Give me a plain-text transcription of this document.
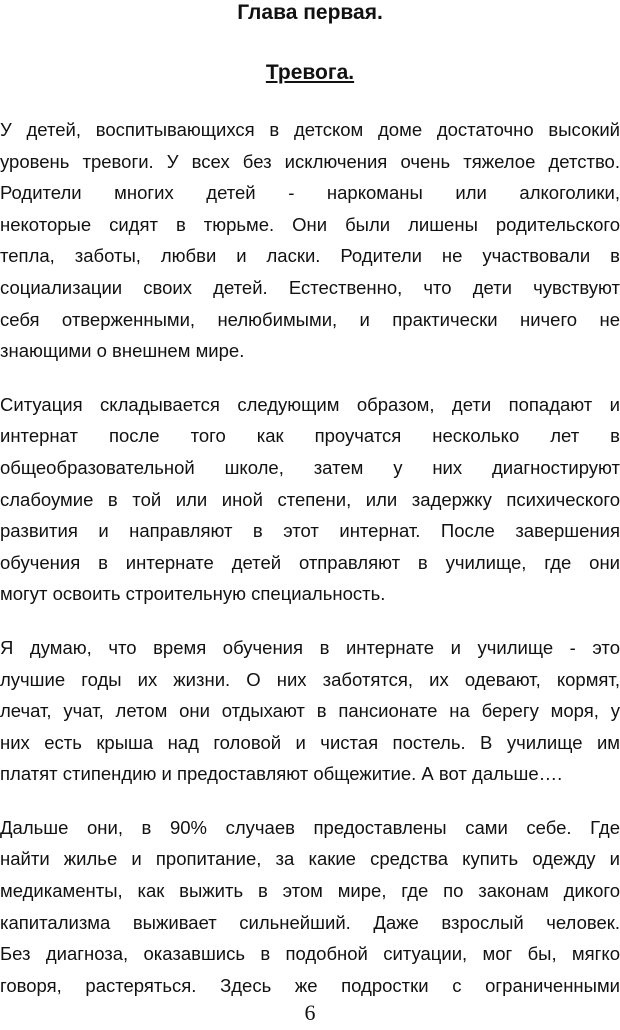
Глава первая.
Тревога.

У детей, воспитывающихся в детском доме достаточно высокий
уровень тревоги. У всех без исключения очень тяжелое детство.
Родители многих детей - наркоманы или алкоголики,
некоторые сидят в тюрьме. Они были лишены родительского
тепла, заботы, любви и ласки. Родители не участвовали в
социализации своих детей. Естественно, что дети чувствуют
себя отверженными, нелюбимыми, и практически ничего не
знающими о внешнем мире.

Ситуация складывается следующим образом, дети попадают и
интернат после того как проучатся несколько лет в
общеобразовательной школе, затем у них диагностируют
слабоумие в той или иной степени, или задержку психического
развития и направляют в этот интернат. После завершения
обучения в интернате детей отправляют в училище, где они
могут освоить строительную специальность.

Я думаю, что время обучения в интернате и училище - это
лучшие годы их жизни. О них заботятся, их одевают, кормят,
лечат, учат, летом они отдыхают в пансионате на берегу моря, у
них есть крыша над головой и чистая постель. В училище им
платят стипендию и предоставляют общежитие. А вот дальше….

Дальше они, в 90% случаев предоставлены сами себе. Где
найти жилье и пропитание, за какие средства купить одежду и
медикаменты, как выжить в этом мире, где по законам дикого
капитализма выживает сильнейший. Даже взрослый человек.
Без диагноза, оказавшись в подобной ситуации, мог бы, мягко
говоря, растеряться. Здесь же подростки с ограниченными

6
